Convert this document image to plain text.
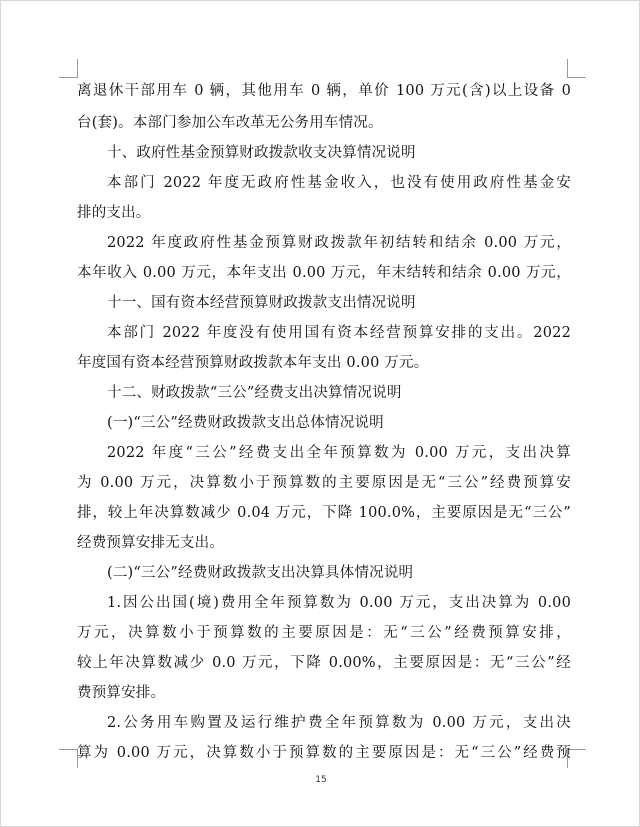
离退休干部用车 0 辆，其他用车 0 辆，单价 100 万元(含)以上设备 0
台(套)。本部门参加公车改革无公务用车情况。
十、政府性基金预算财政拨款收支决算情况说明
本部门 2022 年度无政府性基金收入，也没有使用政府性基金安
排的支出。
2022 年度政府性基金预算财政拨款年初结转和结余 0.00 万元，
本年收入 0.00 万元，本年支出 0.00 万元，年末结转和结余 0.00 万元，
十一、国有资本经营预算财政拨款支出情况说明
本部门 2022 年度没有使用国有资本经营预算安排的支出。2022
年度国有资本经营预算财政拨款本年支出 0.00 万元。
十二、财政拨款“三公”经费支出决算情况说明
(一)“三公”经费财政拨款支出总体情况说明
2022 年度“三公”经费支出全年预算数为 0.00 万元，支出决算
为 0.00 万元，决算数小于预算数的主要原因是无“三公”经费预算安
排，较上年决算数减少 0.04 万元，下降 100.0%，主要原因是无“三公”
经费预算安排无支出。
(二)“三公”经费财政拨款支出决算具体情况说明
1.因公出国(境)费用全年预算数为 0.00 万元，支出决算为 0.00
万元，决算数小于预算数的主要原因是：无“三公”经费预算安排，
较上年决算数减少 0.0 万元，下降 0.00%，主要原因是：无“三公”经
费预算安排。
2.公务用车购置及运行维护费全年预算数为 0.00 万元，支出决
算为 0.00 万元，决算数小于预算数的主要原因是：无“三公”经费预
15
